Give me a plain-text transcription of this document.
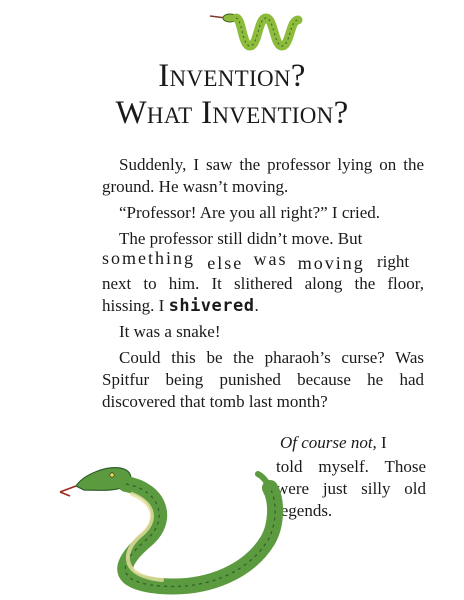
Invention?
What Invention?

Suddenly, I saw the professor lying on the ground. He wasn’t moving.

“Professor! Are you all right?” I cried.

The professor still didn’t move. But
something else was moving right
next to him. It slithered along the floor, hissing. I shivered.

It was a snake!

Could this be the pharaoh’s curse? Was Spitfur being punished because he had discovered that tomb last month?

Of course not, I
told myself. Those were just silly old legends.
